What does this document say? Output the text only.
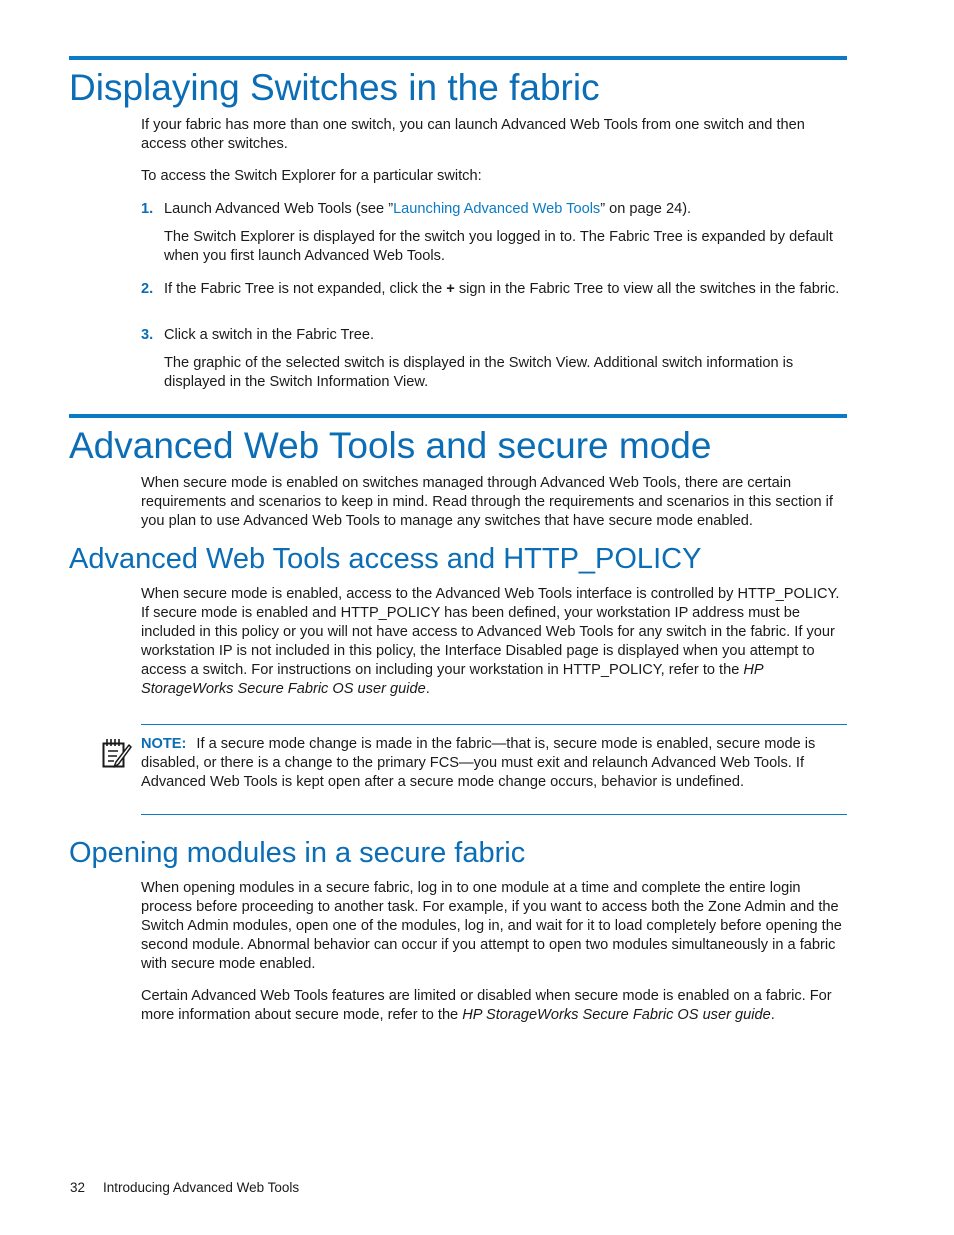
Displaying Switches in the fabric

If your fabric has more than one switch, you can launch Advanced Web Tools from one switch and then access other switches.

To access the Switch Explorer for a particular switch:

1. Launch Advanced Web Tools (see ”Launching Advanced Web Tools” on page 24).

The Switch Explorer is displayed for the switch you logged in to. The Fabric Tree is expanded by default when you first launch Advanced Web Tools.

2. If the Fabric Tree is not expanded, click the + sign in the Fabric Tree to view all the switches in the fabric.

3. Click a switch in the Fabric Tree.

The graphic of the selected switch is displayed in the Switch View. Additional switch information is displayed in the Switch Information View.

Advanced Web Tools and secure mode

When secure mode is enabled on switches managed through Advanced Web Tools, there are certain requirements and scenarios to keep in mind. Read through the requirements and scenarios in this section if you plan to use Advanced Web Tools to manage any switches that have secure mode enabled.

Advanced Web Tools access and HTTP_POLICY

When secure mode is enabled, access to the Advanced Web Tools interface is controlled by HTTP_POLICY. If secure mode is enabled and HTTP_POLICY has been defined, your workstation IP address must be included in this policy or you will not have access to Advanced Web Tools for any switch in the fabric. If your workstation IP is not included in this policy, the Interface Disabled page is displayed when you attempt to access a switch. For instructions on including your workstation in HTTP_POLICY, refer to the HP StorageWorks Secure Fabric OS user guide.

NOTE: If a secure mode change is made in the fabric—that is, secure mode is enabled, secure mode is disabled, or there is a change to the primary FCS—you must exit and relaunch Advanced Web Tools. If Advanced Web Tools is kept open after a secure mode change occurs, behavior is undefined.

Opening modules in a secure fabric

When opening modules in a secure fabric, log in to one module at a time and complete the entire login process before proceeding to another task. For example, if you want to access both the Zone Admin and the Switch Admin modules, open one of the modules, log in, and wait for it to load completely before opening the second module. Abnormal behavior can occur if you attempt to open two modules simultaneously in a fabric with secure mode enabled.

Certain Advanced Web Tools features are limited or disabled when secure mode is enabled on a fabric. For more information about secure mode, refer to the HP StorageWorks Secure Fabric OS user guide.

32 Introducing Advanced Web Tools
